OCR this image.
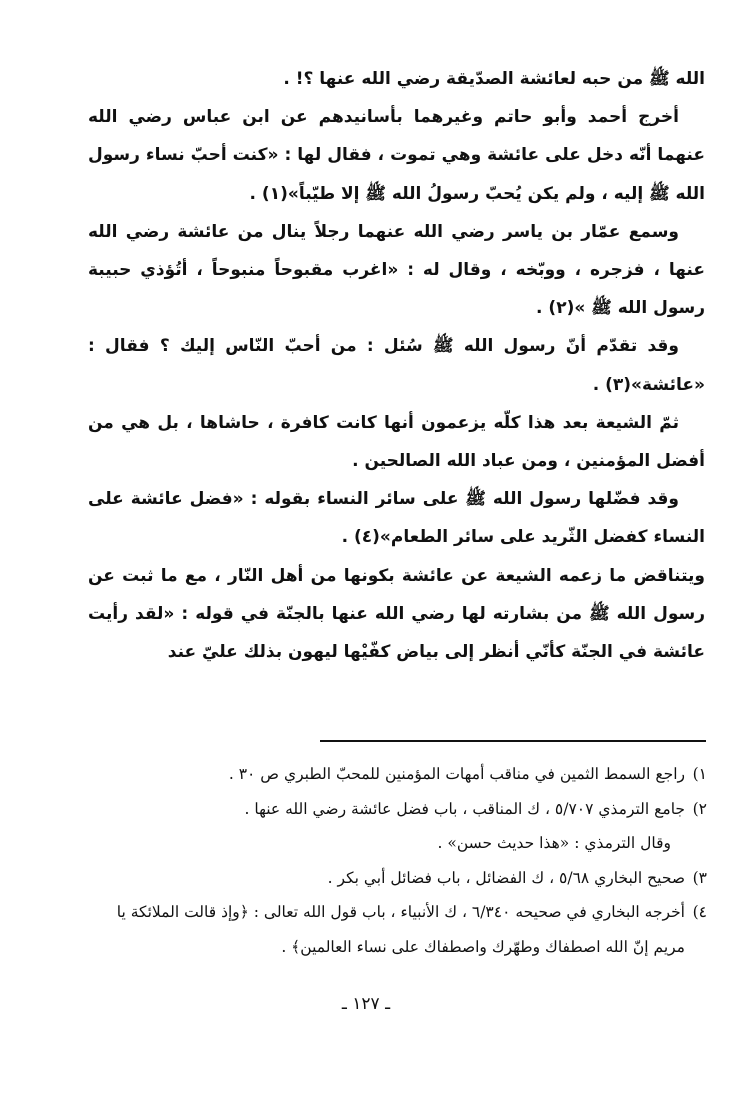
الله ﷺ من حبه لعائشة الصدّيقة رضي الله عنها ؟! .

أخرج أحمد وأبو حاتم وغيرهما بأسانيدهم عن ابن عباس رضي الله عنهما أنّه دخل على عائشة وهي تموت ، فقال لها : «كنت أحبّ نساء رسول الله ﷺ إليه ، ولم يكن يُحبّ رسولُ الله ﷺ إلا طيّباً»(١) .

وسمع عمّار بن ياسر رضي الله عنهما رجلاً ينال من عائشة رضي الله عنها ، فزجره ، ووبّخه ، وقال له : «اغرب مقبوحاً منبوحاً ، أتُؤذي حبيبة رسول الله ﷺ »(٢) .

وقد تقدّم أنّ رسول الله ﷺ سُئل : من أحبّ النّاس إليك ؟ فقال : «عائشة»(٣) .

ثمّ الشيعة بعد هذا كلّه يزعمون أنها كانت كافرة ، حاشاها ، بل هي من أفضل المؤمنين ، ومن عباد الله الصالحين .

وقد فضّلها رسول الله ﷺ على سائر النساء بقوله : «فضل عائشة على النساء كفضل الثّريد على سائر الطعام»(٤) .

ويتناقض ما زعمه الشيعة عن عائشة بكونها من أهل النّار ، مع ما ثبت عن رسول الله ﷺ من بشارته لها رضي الله عنها بالجنّة في قوله : «لقد رأيت عائشة في الجنّة كأنّي أنظر إلى بياض كفّيْها ليهون بذلك عليّ عند

١)

راجع السمط الثمين في مناقب أمهات المؤمنين للمحبّ الطبري ص ٣٠ .

٢)

جامع الترمذي ٥/٧٠٧ ، ك المناقب ، باب فضل عائشة رضي الله عنها .

وقال الترمذي : «هذا حديث حسن» .

٣)

صحيح البخاري ٥/٦٨ ، ك الفضائل ، باب فضائل أبي بكر .

٤)

أخرجه البخاري في صحيحه ٦/٣٤٠ ، ك الأنبياء ، باب قول الله تعالى : ﴿وإذ قالت الملائكة يا مريم إنّ الله اصطفاك وطهّرك واصطفاك على نساء العالمين﴾ .

ـ ١٢٧ ـ
